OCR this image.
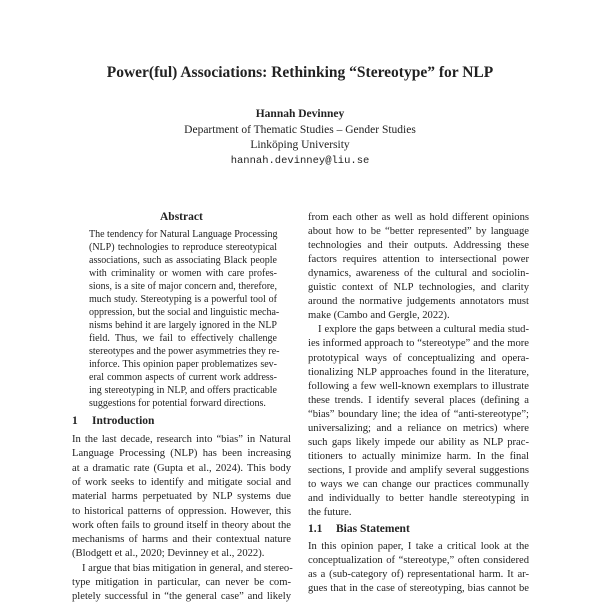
Power(ful) Associations: Rethinking “Stereotype” for NLP
Hannah Devinney
Department of Thematic Studies – Gender Studies
Linköping University
hannah.devinney@liu.se
Abstract
The tendency for Natural Language Processing
(NLP) technologies to reproduce stereotypical
associations, such as associating Black people
with criminality or women with care profes-
sions, is a site of major concern and, therefore,
much study. Stereotyping is a powerful tool of
oppression, but the social and linguistic mecha-
nisms behind it are largely ignored in the NLP
field. Thus, we fail to effectively challenge
stereotypes and the power asymmetries they re-
inforce. This opinion paper problematizes sev-
eral common aspects of current work address-
ing stereotyping in NLP, and offers practicable
suggestions for potential forward directions.
1 Introduction
In the last decade, research into “bias” in Natural
Language Processing (NLP) has been increasing
at a dramatic rate (Gupta et al., 2024). This body
of work seeks to identify and mitigate social and
material harms perpetuated by NLP systems due
to historical patterns of oppression. However, this
work often fails to ground itself in theory about the
mechanisms of harms and their contextual nature
(Blodgett et al., 2020; Devinney et al., 2022).
I argue that bias mitigation in general, and stereo-
type mitigation in particular, can never be com-
pletely successful in “the general case” and likely
from each other as well as hold different opinions
about how to be “better represented” by language
technologies and their outputs. Addressing these
factors requires attention to intersectional power
dynamics, awareness of the cultural and sociolin-
guistic context of NLP technologies, and clarity
around the normative judgements annotators must
make (Cambo and Gergle, 2022).
I explore the gaps between a cultural media stud-
ies informed approach to “stereotype” and the more
prototypical ways of conceptualizing and opera-
tionalizing NLP approaches found in the literature,
following a few well-known exemplars to illustrate
these trends. I identify several places (defining a
“bias” boundary line; the idea of “anti-stereotype”;
universalizing; and a reliance on metrics) where
such gaps likely impede our ability as NLP prac-
titioners to actually minimize harm. In the final
sections, I provide and amplify several suggestions
to ways we can change our practices communally
and individually to better handle stereotyping in
the future.
1.1 Bias Statement
In this opinion paper, I take a critical look at the
conceptualization of “stereotype,” often considered
as a (sub-category of) representational harm. It ar-
gues that in the case of stereotyping, bias cannot be
